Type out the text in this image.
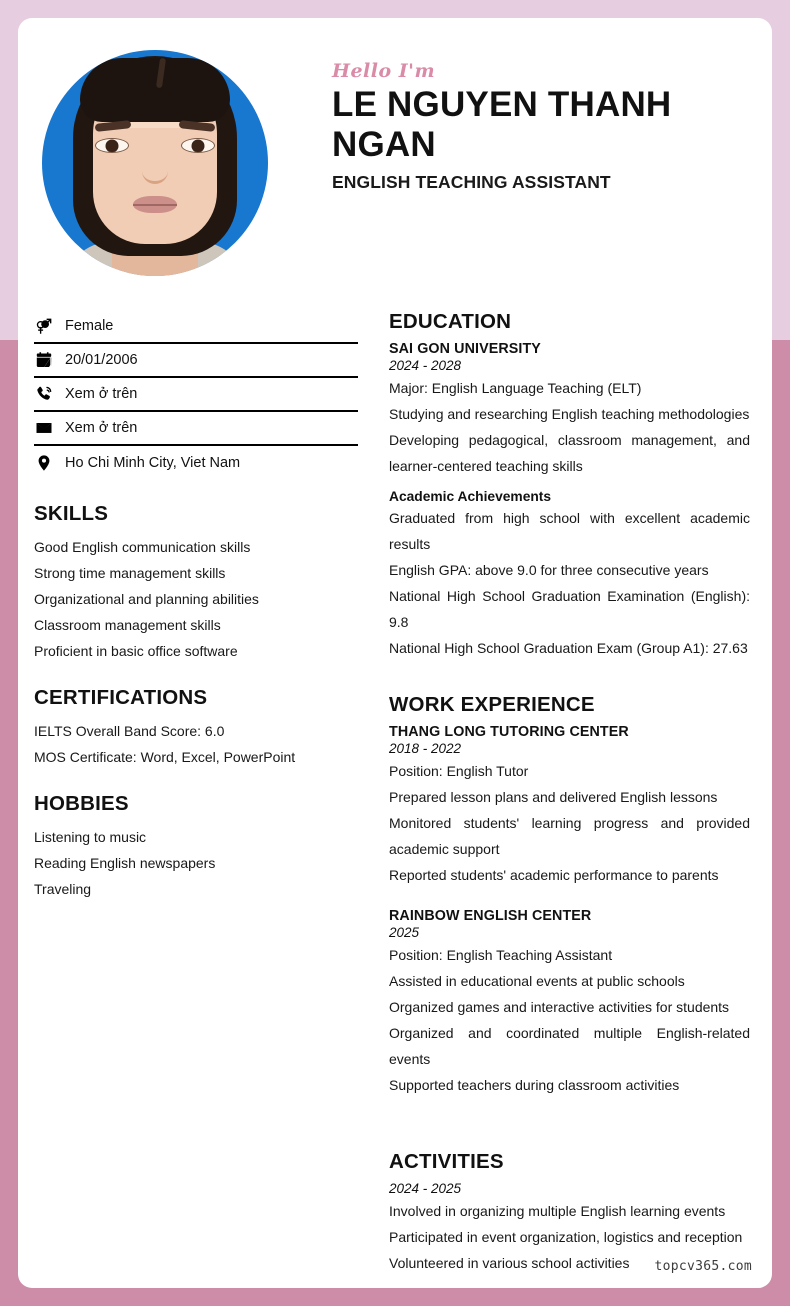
Hello I'm
LE NGUYEN THANH NGAN
ENGLISH TEACHING ASSISTANT
Female
20/01/2006
Xem ở trên
Xem ở trên
Ho Chi Minh City, Viet Nam
SKILLS
Good English communication skills
Strong time management skills
Organizational and planning abilities
Classroom management skills
Proficient in basic office software
CERTIFICATIONS
IELTS Overall Band Score: 6.0
MOS Certificate: Word, Excel, PowerPoint
HOBBIES
Listening to music
Reading English newspapers
Traveling
EDUCATION
SAI GON UNIVERSITY
2024 - 2028
Major: English Language Teaching (ELT)
Studying and researching English teaching methodologies
Developing pedagogical, classroom management, and learner-centered teaching skills
Academic Achievements
Graduated from high school with excellent academic results
English GPA: above 9.0 for three consecutive years
National High School Graduation Examination (English): 9.8
National High School Graduation Exam (Group A1): 27.63
WORK EXPERIENCE
THANG LONG TUTORING CENTER
2018 - 2022
Position: English Tutor
Prepared lesson plans and delivered English lessons
Monitored students' learning progress and provided academic support
Reported students' academic performance to parents
RAINBOW ENGLISH CENTER
2025
Position: English Teaching Assistant
Assisted in educational events at public schools
Organized games and interactive activities for students
Organized and coordinated multiple English-related events
Supported teachers during classroom activities
ACTIVITIES
2024 - 2025
Involved in organizing multiple English learning events
Participated in event organization, logistics and reception
Volunteered in various school activities	topcv365.com
